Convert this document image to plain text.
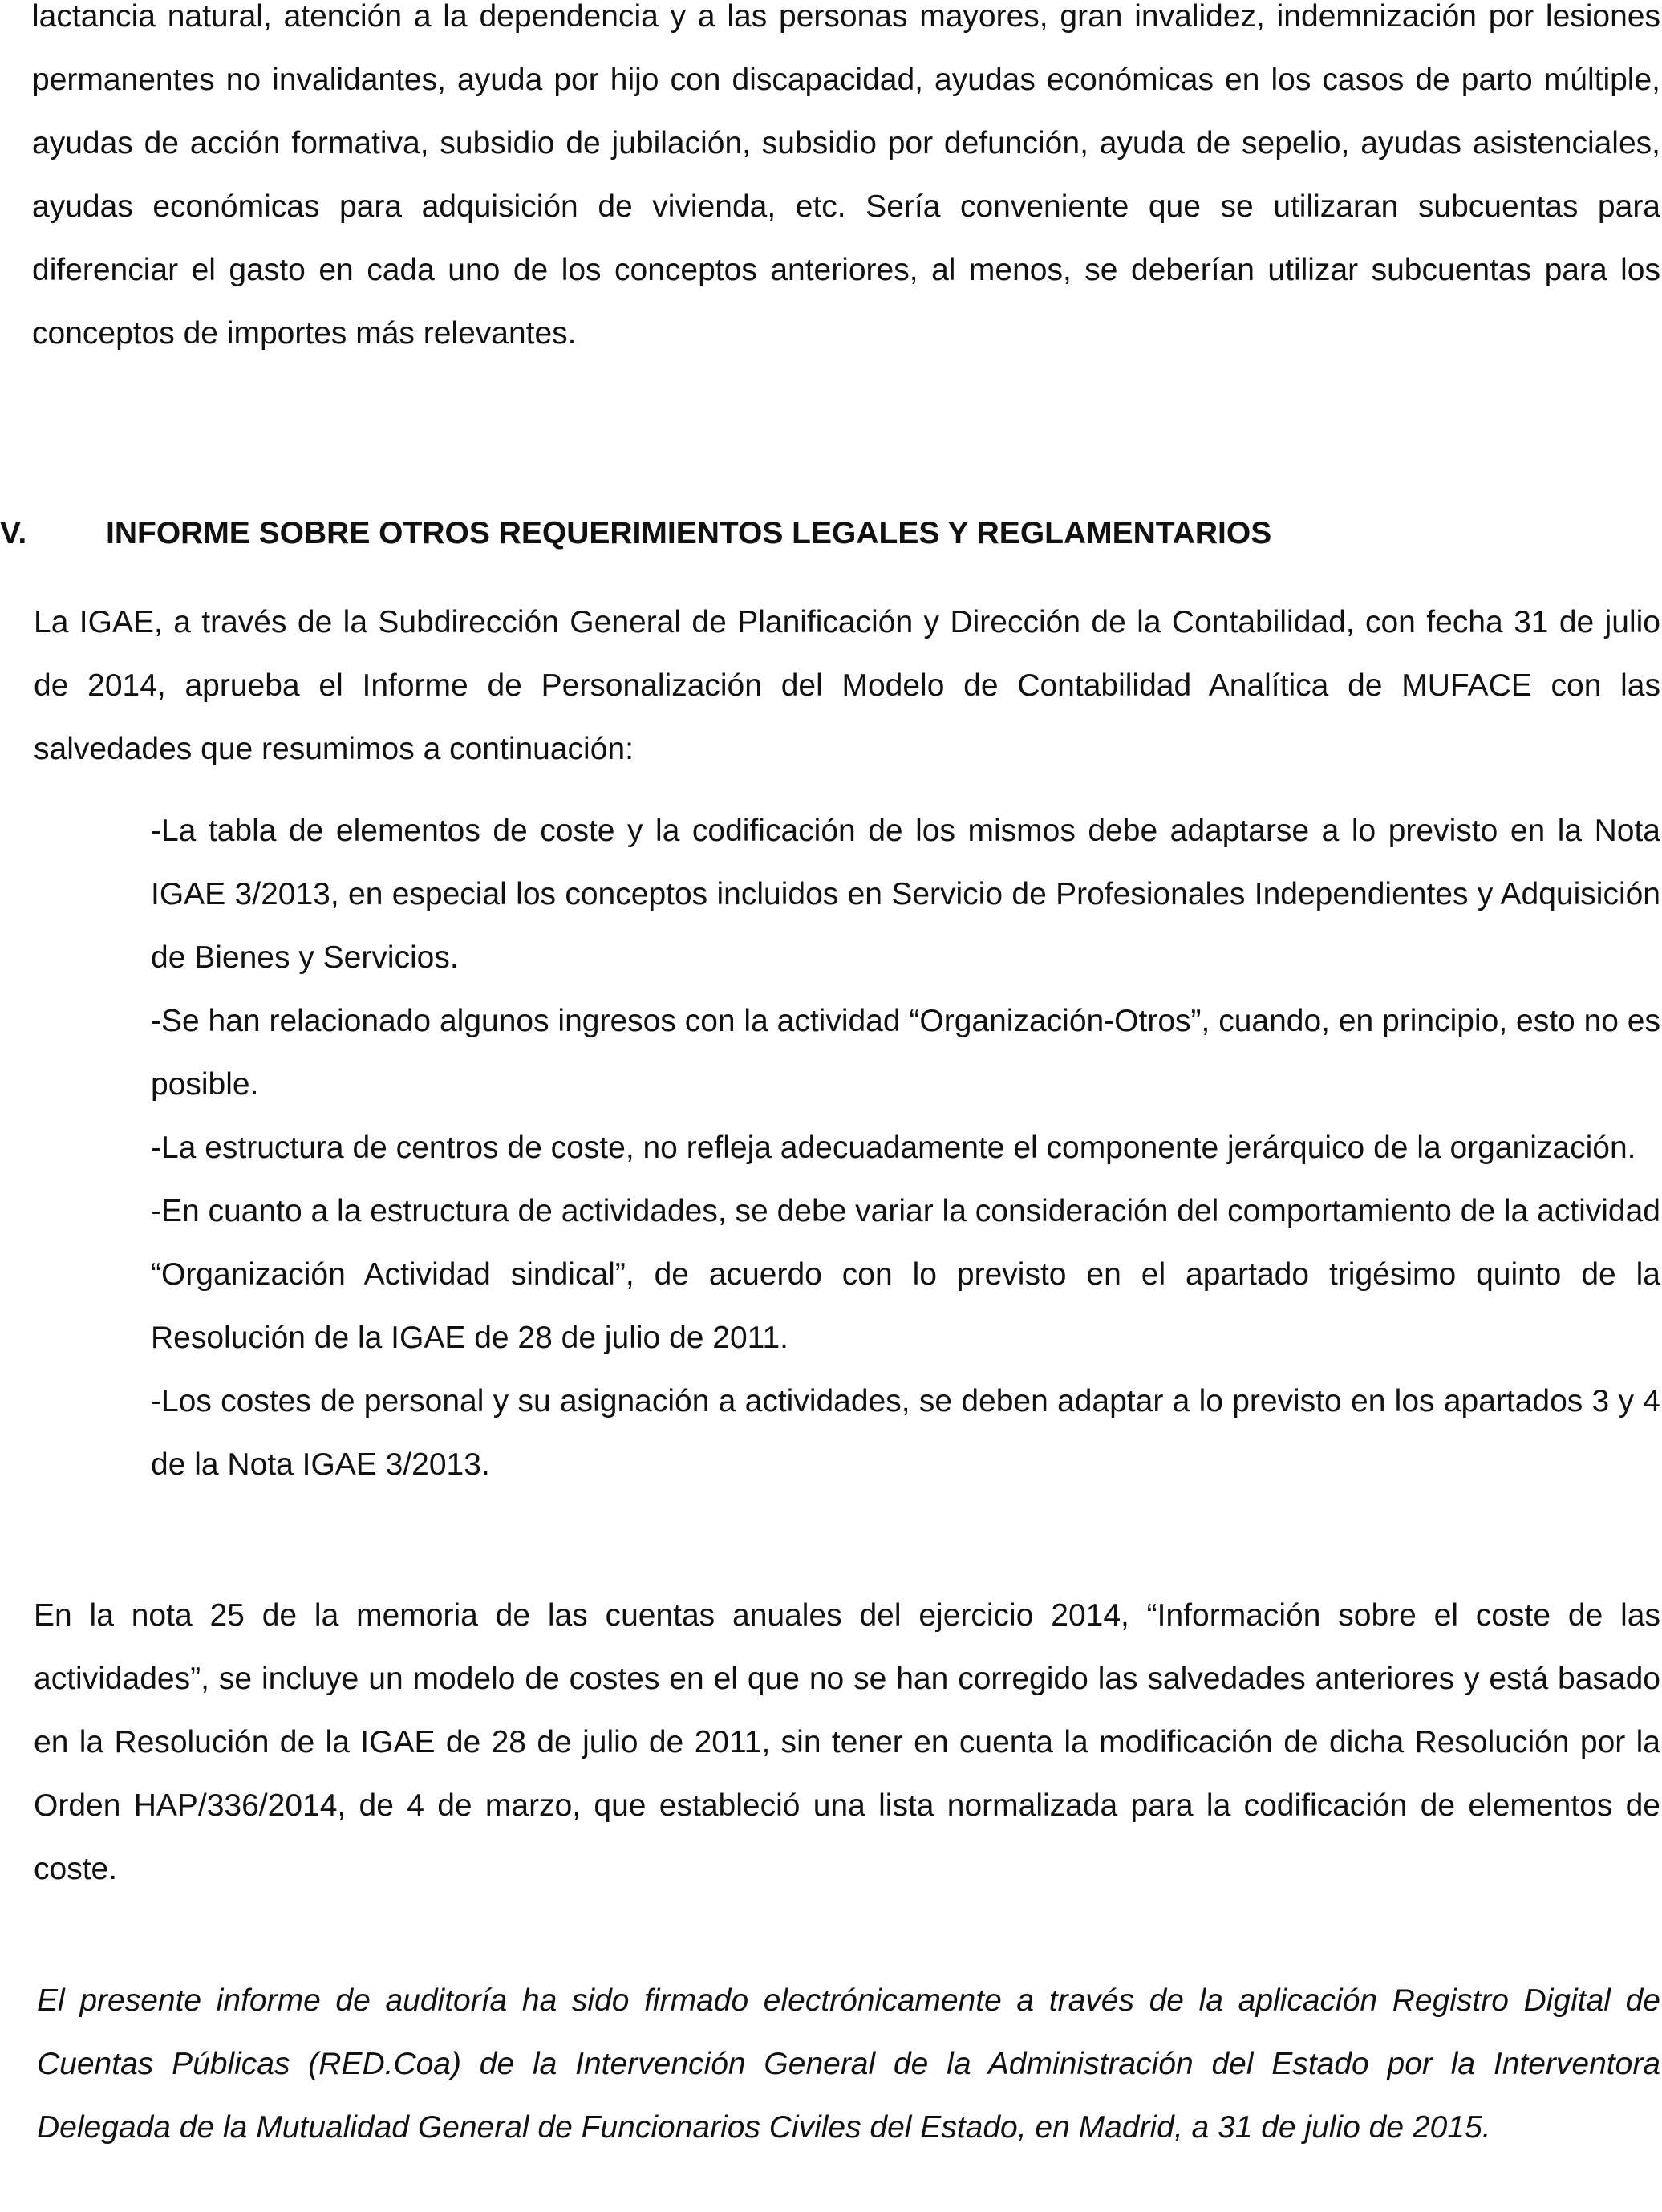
lactancia natural, atención a la dependencia y a las personas mayores, gran invalidez, indemnización por lesiones permanentes no invalidantes, ayuda por hijo con discapacidad, ayudas económicas en los casos de parto múltiple, ayudas de acción formativa, subsidio de jubilación, subsidio por defunción, ayuda de sepelio, ayudas asistenciales, ayudas económicas para adquisición de vivienda, etc. Sería conveniente que se utilizaran subcuentas para diferenciar el gasto en cada uno de los conceptos anteriores, al menos, se deberían utilizar subcuentas para los conceptos de importes más relevantes.

V.	INFORME SOBRE OTROS REQUERIMIENTOS LEGALES Y REGLAMENTARIOS

La IGAE, a través de la Subdirección General de Planificación y Dirección de la Contabilidad, con fecha 31 de julio de 2014, aprueba el Informe de Personalización del Modelo de Contabilidad Analítica de MUFACE con las salvedades que resumimos a continuación:

-La tabla de elementos de coste y la codificación de los mismos debe adaptarse a lo previsto en la Nota IGAE 3/2013, en especial los conceptos incluidos en Servicio de Profesionales Independientes y Adquisición de Bienes y Servicios.
-Se han relacionado algunos ingresos con la actividad “Organización-Otros”, cuando, en principio, esto no es posible.
-La estructura de centros de coste, no refleja adecuadamente el componente jerárquico de la organización.
-En cuanto a la estructura de actividades, se debe variar la consideración del comportamiento de la actividad “Organización Actividad sindical”, de acuerdo con lo previsto en el apartado trigésimo quinto de la Resolución de la IGAE de 28 de julio de 2011.
-Los costes de personal y su asignación a actividades, se deben adaptar a lo previsto en los apartados 3 y 4 de la Nota IGAE 3/2013.

En la nota 25 de la memoria de las cuentas anuales del ejercicio 2014, “Información sobre el coste de las actividades”, se incluye un modelo de costes en el que no se han corregido las salvedades anteriores y está basado en la Resolución de la IGAE de 28 de julio de 2011, sin tener en cuenta la modificación de dicha Resolución por la Orden HAP/336/2014, de 4 de marzo, que estableció una lista normalizada para la codificación de elementos de coste.

El presente informe de auditoría ha sido firmado electrónicamente a través de la aplicación Registro Digital de Cuentas Públicas (RED.Coa) de la Intervención General de la Administración del Estado por la Interventora Delegada de la Mutualidad General de Funcionarios Civiles del Estado, en Madrid, a 31 de julio de 2015.
